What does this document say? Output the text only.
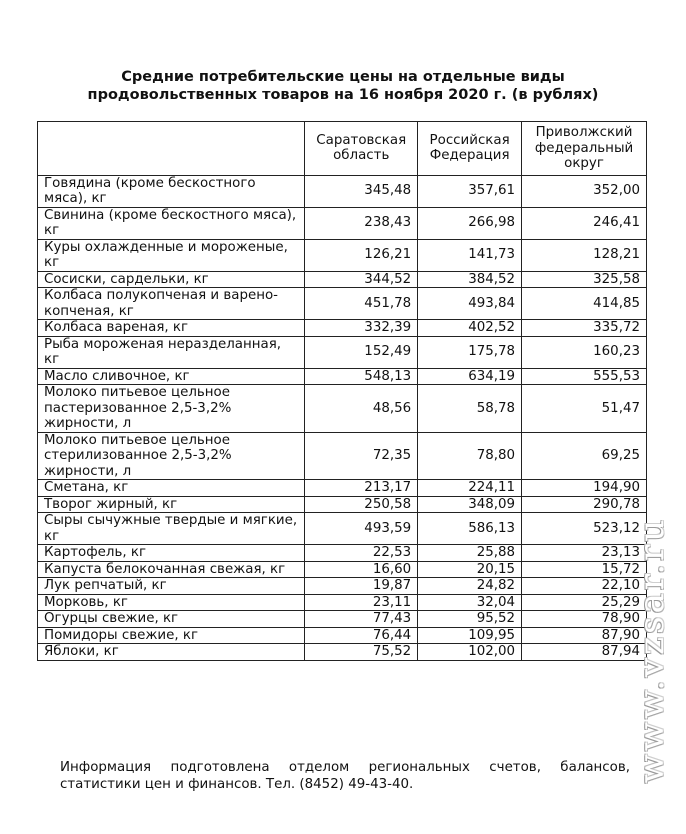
Средние потребительские цены на отдельные виды
продовольственных товаров на 16 ноября 2020 г. (в рублях)
	Саратовская область	Российская Федерация	Приволжский федеральный округ
Говядина (кроме бескостного мяса), кг	345,48	357,61	352,00
Свинина (кроме бескостного мяса), кг	238,43	266,98	246,41
Куры охлажденные и мороженые, кг	126,21	141,73	128,21
Сосиски, сардельки, кг	344,52	384,52	325,58
Колбаса полукопченая и варено-копченая, кг	451,78	493,84	414,85
Колбаса вареная, кг	332,39	402,52	335,72
Рыба мороженая неразделанная, кг	152,49	175,78	160,23
Масло сливочное, кг	548,13	634,19	555,53
Молоко питьевое цельное пастеризованное 2,5-3,2% жирности, л	48,56	58,78	51,47
Молоко питьевое цельное стерилизованное 2,5-3,2% жирности, л	72,35	78,80	69,25
Сметана, кг	213,17	224,11	194,90
Творог жирный, кг	250,58	348,09	290,78
Сыры сычужные твердые и мягкие, кг	493,59	586,13	523,12
Картофель, кг	22,53	25,88	23,13
Капуста белокочанная свежая, кг	16,60	20,15	15,72
Лук репчатый, кг	19,87	24,82	22,10
Морковь, кг	23,11	32,04	25,29
Огурцы свежие, кг	77,43	95,52	78,90
Помидоры свежие, кг	76,44	109,95	87,90
Яблоки, кг	75,52	102,00	87,94
Информация подготовлена отделом региональных счетов, балансов,
статистики цен и финансов. Тел. (8452) 49-43-40.
www.vzsar.ru
